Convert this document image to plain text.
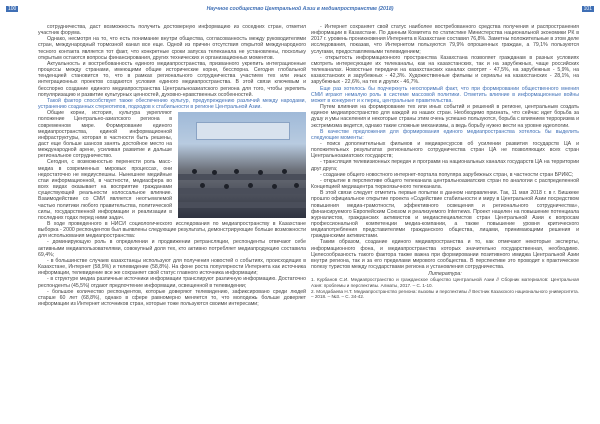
100	Научное сообщество Центральной Азии в медиапространстве (2018)	101

сотрудничества, даст возможность получить достоверную информацию из соседних стран, отметил участник форума.

Однако, несмотря на то, что есть понимание внутри общества, согласованность между руководителями стран, международный тормозной канал все еще. Одной из причин отсутствия открытой международного тесного контакта является тот факт, что конкретные сроки запуска телеканала не установлены, поскольку открытым остаются вопросы финансирования, других технических и организационных моментов.

Актуальность и востребованность единого медиапространства, призванного укрепить интеграционные процессы между странами, имеющими общие исторические корни, бесспорна. Сегодня глобальной тенденцией становится то, что в рамках регионального сотрудничества участием тех или иных интеграционных проектов создаются условия единого медиапространства. В этой связи ключевым и бесспорно создание единого медиапространства Центральноазиатского региона для того, чтобы укрепить популяризацию и развитие культурных ценностей, духовно-нравственных особенностей.

Такой фактор способствует также обеспечению культур, предупреждению различий между народами, устранению созданных стереотипов, подходов к стабильности в регионе Центральной Азии.

Общие корни, история, культура укрепляют положение Центрально-азиатского региона в современном мире. Формирование единого медиапространства, единой информационной инфраструктуры, которая в частности быть решены, даст еще больше шансов занять достойное место на международной арене, усиливая развитие и дальше региональное сотрудничество.

Сегодня, с возможностью перенести роль масс-медиа в современных мировых процессах, они недостаточно не медиуспешны. Нынешнее медийные стаи информационной, в частности, медиасфера во всех видах оказывает на восприятие гражданами существующей реальности колоссальное влияние. Взаимодействие со СМИ является неотъемлемой частью политики любого правительства, политической силы, государственной информации и реализации в последних годах перед ними задач.

В ходе проведенного в НИСИ социологического исследования по медиапространству в Казахстане выборка - 2000 респондентов был выявлены следующие результаты, демонстрирующие больше возможности для использования медиапространства:

- доминирующую роль в определении и продвижении ретрансляции, респонденты отвечают себе активными медиапользователями, совокупный доля тех, кто активно потребляет медиапродукцию составила 69,4%;

- в большинстве случаев казахстанцы используют для получения новостей о событиях, происходящих в Казахстане, Интернет (58,9%) и телевидение (58,8%). На фоне роста популярности Интернета как источника информации, телевидение все же сохраняет свой статус главного источника информации;

- в структуре медиа различные источники информации транслируют различную информацию. Достаточно респонденты (45,5%) отдают предпочтение информации, освещенной в телевидении;

- большое количество респондентов, которые доверяют телевидению, зафиксировано среди людей старше 60 лет (68,8%), однако в сфере равномерно меняется то, что молодежь больше доверяет информации из Интернет источников стран, которые тоже пользуются своими интересами;

- Интернет сохраняет свой статус наиболее востребованного средства получения и распространения информации в Казахстане. По данным Комитета по статистике Министерства национальной экономики РК в 2017 г. уровень проникновения Интернета в Казахстане составил 76,8%. Заметны положительные в этом деле исследования, показав, что Интернетом пользуются 79,9% опрошенных граждан, а 79,1% пользуются услугами, предоставляемыми телевидением;

- открытость информационного пространства Казахстана позволяет гражданам в разных условиях смотреть интересующие их телеканалы, как на казахстанских, так и на зарубежных, чаще российских телеканалах. Новостные передачи на казахстанских каналах смотрят - 47,5%, на зарубежных - 5,9%, на казахстанских и зарубежных - 42,3%. Художественные фильмы и сериалы на казахстанских - 28,1%, на зарубежных - 22,6%, на тех и других - 46,7%.

Еще раз хотелось бы подчеркнуть неоспоримый факт, что при формировании общественного мнения СМИ играют немалую роль в системе массовой политики. Отметить влияние в информационные войны может в конкурент и к перец, центральные правительства.

Путем влияния на формирование тех или иных событий и решений в регионе, центральным создать единое медиапространство для каждой из наших стран. Необходимо признать, что сейчас идет борьба за душу и умы населения и некоторые страны этим очень успешно пользуются, борьба с влиянием терроризма и экстремизма ведется, однако такие сложные механизмы, а ведь борьбу нужно вести на уровне идеологии.

В качестве предложения для формирования единого медиапространства хотелось бы выделить следующие моменты:

- поиск дополнительных фильмов и медиаресурсов об усилении развития государств ЦА и положительных результатах регионального сотрудничества стран ЦА не позволяющих всех стран Центральноазиатских государств;

- трансляция телевизионных передач и программ на национальных каналах государств ЦА на территории друг друга;

- создание общего новостного интернет-портала популяра зарубежных стран, в частности стран БРИКС;

- открытие в перспективе общего телеканала центральноазиатских стран по аналогии с распределенной Концепцией медиацентра тюркоязычного телеканала.

В этой связи следует отметить первые попытки в данном направлении. Так, 11 мая 2018 г. в г. Бишкеке прошло официальное открытие проекта «Содействие стабильности и миру в Центральной Азии посредством повышения медиа-грамотности, эффективного освещения и регионального сотрудничества», финансируемого Европейским Союзом и реализуемого Internews. Проект нацелен на повышение потенциала журналистов, гражданских активистов и медиаспециалистов стран Центральной Азии к вопросам профессиональной компетенции медиа-компании, а также повышение уровня критического медиапотребления представителями гражданского общества, лицами, принимающими решения и гражданскими активистами.

Таким образом, создание единого медиапространства и то, как отмечают некоторые эксперты, информационного фона, и медиапространства которых значительно государственная, необходимо. Целесообразность такого фактора также важна при формировании позитивного имиджа Центральной Азии внутри региона, так и за его пределами мирового сообщества. В перспективе это проводит к практическое полезу туристов между государствами региона и установления сотрудничества.

Литература:

1. Курбанов С.И. Медиапространство и гражданское общество Центральной Азии // Сборник материалов: Центральная Азия: проблемы и перспективы. Алматы, 2017. – С. 1-10.

2. Молдабаева Н.Т. Медиапространство региона: вызовы и перспективы // Вестник Казахского национального университета. – 2018. – №3. – С. 34-42.
